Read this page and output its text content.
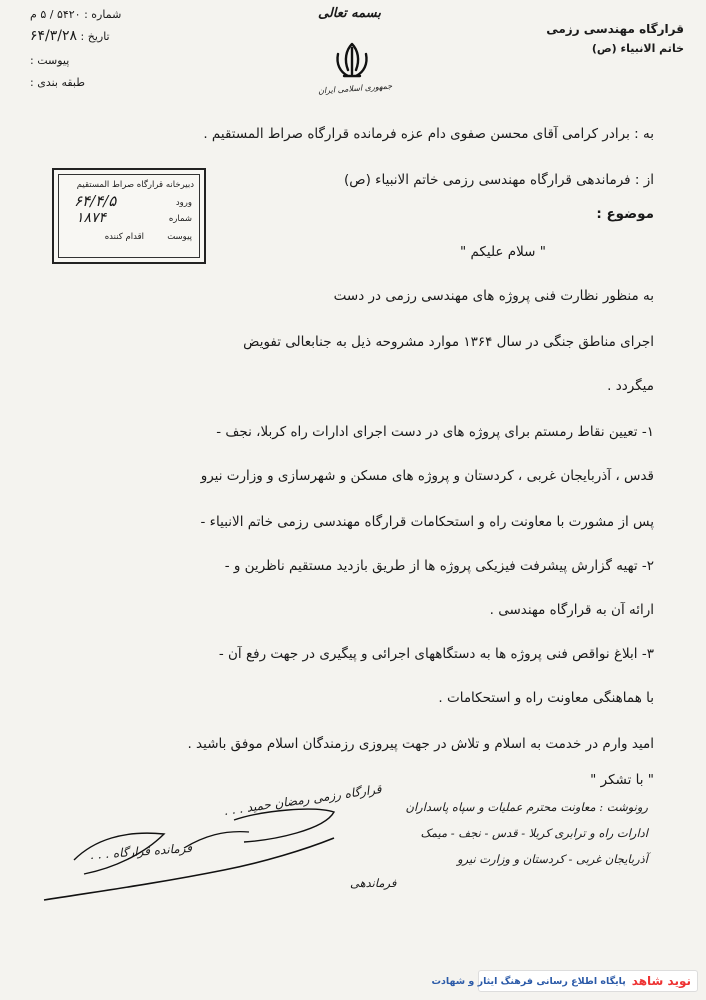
بسمه تعالی
جمهوری اسلامی ایران
قرارگاه مهندسی رزمی
خاتم الانبیاء (ص)
شماره : ۵۴۲۰ / ۵ م
تاریخ : ۶۴/۳/۲۸
پیوست :
طبقه بندی :
دبیرخانه قرارگاه صراط المستقیم
ورود
۶۴/۴/۵
شماره
۱۸۷۴
پیوست
اقدام کننده
به : برادر کرامی آقای محسن صفوی دام عزه فرمانده قرارگاه صراط المستقیم .
از : فرماندهی قرارگاه مهندسی رزمی خاتم الانبیاء (ص)
موضوع :
" سلام علیکم "
به منظور نظارت فنی پروژه های مهندسی رزمی در دست
اجرای مناطق جنگی در سال ۱۳۶۴ موارد مشروحه ذیل به جنابعالی تفویض
میگردد .
۱- تعیین نقاط رمستم برای پروژه های در دست اجرای ادارات راه کربلا، نجف -
قدس ، آذربایجان غربی ، کردستان و پروژه های مسکن و شهرسازی و وزارت نیرو
پس از مشورت با معاونت راه و استحکامات قرارگاه مهندسی رزمی خاتم الانبیاء -
۲- تهیه گزارش پیشرفت فیزیکی پروژه ها از طریق بازدید مستقیم ناظرین و -
ارائه آن به قرارگاه مهندسی .
۳- ابلاغ نواقص فنی پروژه ها به دستگاههای اجرائی و پیگیری در جهت رفع آن -
با هماهنگی معاونت راه و استحکامات .
امید وارم در خدمت به اسلام و تلاش در جهت پیروزی رزمندگان اسلام موفق باشید .
" با تشکر "
قرارگاه رزمی رمضان حمید . . .
فرمانده قرارگاه . . .
رونوشت : معاونت محترم عملیات و سپاه پاسداران
ادارات راه و ترابری کربلا - قدس - نجف - میمک
آذربایجان غربی - کردستان و وزارت نیرو
فرماندهی
پایگاه اطلاع رسانی فرهنگ ایثار و شهادت نوید شاهد
